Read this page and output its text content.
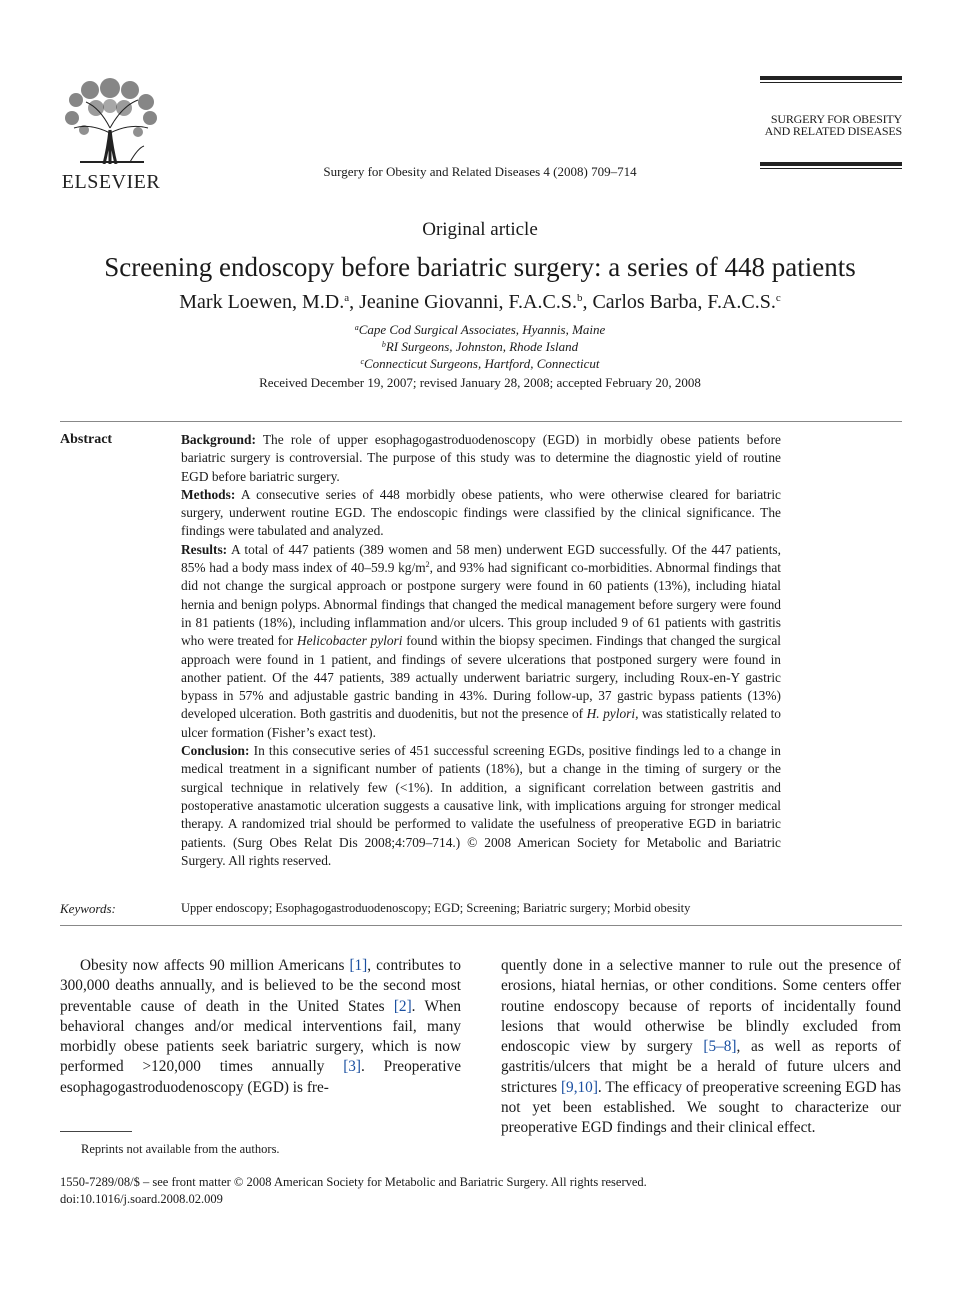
ELSEVIER	Surgery for Obesity and Related Diseases 4 (2008) 709–714
SURGERY FOR OBESITY
AND RELATED DISEASES
Original article
Screening endoscopy before bariatric surgery: a series of 448 patients
Mark Loewen, M.D.$^a$, Jeanine Giovanni, F.A.C.S.$^b$, Carlos Barba, F.A.C.S.$^c$
$^a$Cape Cod Surgical Associates, Hyannis, Maine
$^b$RI Surgeons, Johnston, Rhode Island
$^c$Connecticut Surgeons, Hartford, Connecticut
Received December 19, 2007; revised January 28, 2008; accepted February 20, 2008
Abstract	Background: The role of upper esophagogastroduodenoscopy (EGD) in morbidly obese patients before bariatric surgery is controversial. The purpose of this study was to determine the diagnostic yield of routine EGD before bariatric surgery.

Methods: A consecutive series of 448 morbidly obese patients, who were otherwise cleared for bariatric surgery, underwent routine EGD. The endoscopic findings were classified by the clinical significance. The findings were tabulated and analyzed.

Results: A total of 447 patients (389 women and 58 men) underwent EGD successfully. Of the 447 patients, 85% had a body mass index of 40–59.9 $kg/m^2$, and 93% had significant co-morbidities. Abnormal findings that did not change the surgical approach or postpone surgery were found in 60 patients (13%), including hiatal hernia and benign polyps. Abnormal findings that changed the medical management before surgery were found in 81 patients (18%), including inflammation and/or ulcers. This group included 9 of 61 patients with gastritis who were treated for Helicobacter pylori found within the biopsy specimen. Findings that changed the surgical approach were found in 1 patient, and findings of severe ulcerations that postponed surgery were found in another patient. Of the 447 patients, 389 actually underwent bariatric surgery, including Roux-en-Y gastric bypass in 57% and adjustable gastric banding in 43%. During follow-up, 37 gastric bypass patients (13%) developed ulceration. Both gastritis and duodenitis, but not the presence of H. pylori, was statistically related to ulcer formation (Fisher’s exact test).

Conclusion: In this consecutive series of 451 successful screening EGDs, positive findings led to a change in medical treatment in a significant number of patients (18%), but a change in the timing of surgery or the surgical technique in relatively few (<1%). In addition, a significant correlation between gastritis and postoperative anastamotic ulceration suggests a causative link, with implications arguing for stronger medical therapy. A randomized trial should be performed to validate the usefulness of preoperative EGD in bariatric patients. (Surg Obes Relat Dis 2008;4:709–714.) © 2008 American Society for Metabolic and Bariatric Surgery. All rights reserved.

Keywords:	Upper endoscopy; Esophagogastroduodenoscopy; EGD; Screening; Bariatric surgery; Morbid obesity
Obesity now affects 90 million Americans [1], contributes to 300,000 deaths annually, and is believed to be the second most preventable cause of death in the United States [2]. When behavioral changes and/or medical interventions fail, many morbidly obese patients seek bariatric surgery, which is now performed >120,000 times annually [3]. Preoperative esophagogastroduodenoscopy (EGD) is fre-
quently done in a selective manner to rule out the presence of erosions, hiatal hernias, or other conditions. Some centers offer routine endoscopy because of reports of incidentally found lesions that would otherwise be blindly excluded from endoscopic view by surgery [5–8], as well as reports of gastritis/ulcers that might be a herald of future ulcers and strictures [9,10]. The efficacy of preoperative screening EGD has not yet been established. We sought to characterize our preoperative EGD findings and their clinical effect.
Reprints not available from the authors.
1550-7289/08/$ – see front matter © 2008 American Society for Metabolic and Bariatric Surgery. All rights reserved.
doi:10.1016/j.soard.2008.02.009
